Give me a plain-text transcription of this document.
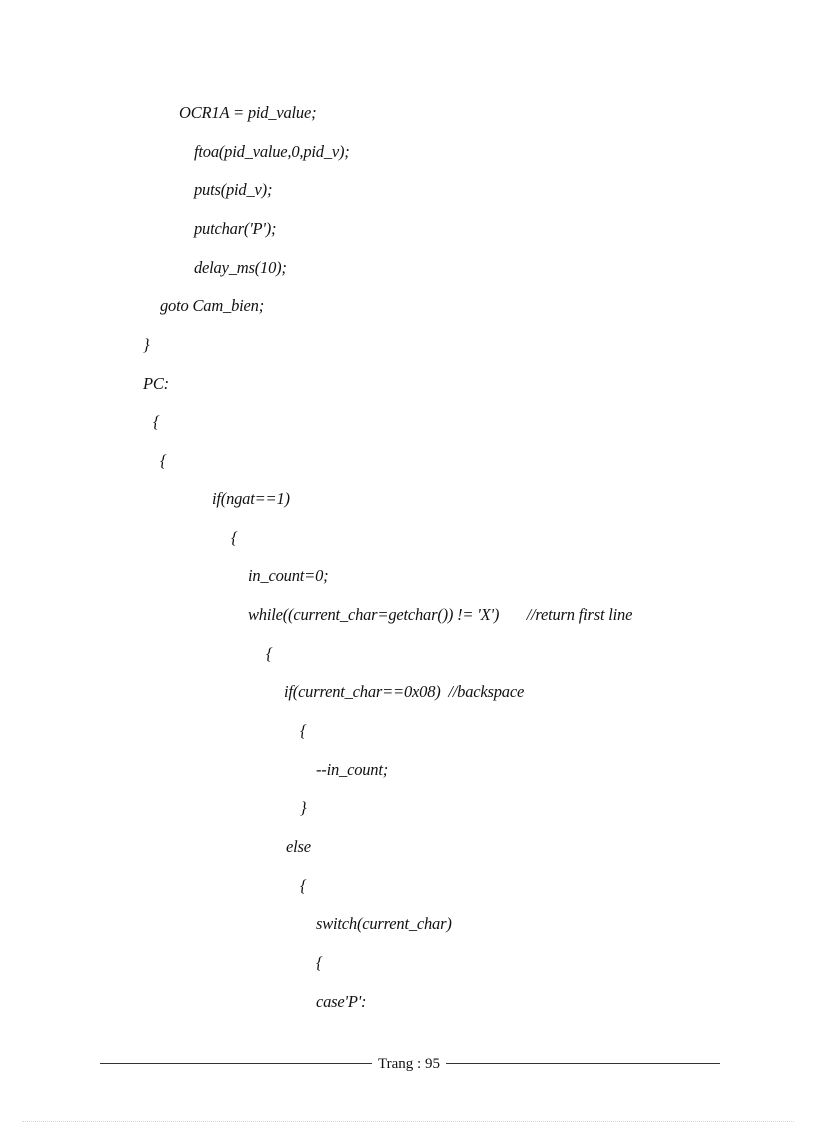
OCR1A = pid_value;
ftoa(pid_value,0,pid_v);
puts(pid_v);
putchar('P');
delay_ms(10);
goto Cam_bien;
}
PC:
{
{
if(ngat==1)
{
in_count=0;
while((current_char=getchar()) != 'X')       //return first line
{
if(current_char==0x08)  //backspace
{
--in_count;
}
else
{
switch(current_char)
{
case'P':
Trang : 95
